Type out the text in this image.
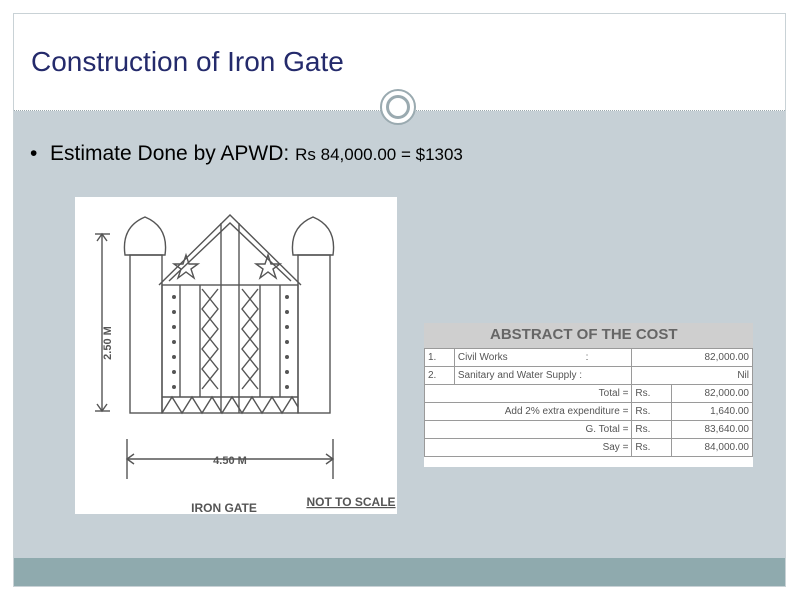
Construction of Iron Gate
• Estimate Done by APWD: Rs 84,000.00 = $1303
2.50 M
4.50 M
IRON GATE	NOT TO SCALE
ABSTRACT OF THE COST
1.	Civil Works :	82,000.00	
2.	Sanitary and Water Supply :	Nil	
Total =		Rs.	82,000.00
Add 2% extra expenditure =		Rs.	1,640.00
G. Total =		Rs.	83,640.00
Say =		Rs.	84,000.00
